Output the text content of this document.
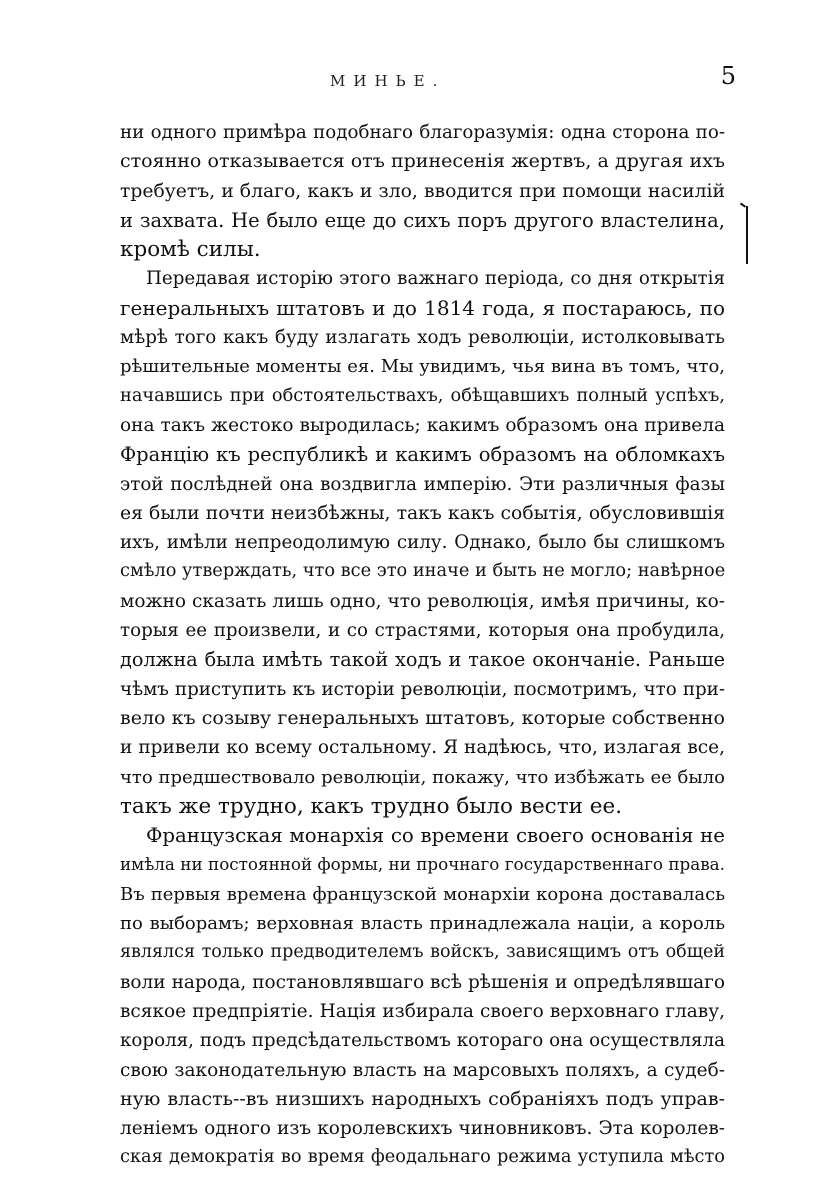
МИНЬЕ.	5
ни одного примѣра подобнаго благоразумія: одна сторона по-
стоянно отказывается отъ принесенія жертвъ, а другая ихъ
требуетъ, и благо, какъ и зло, вводится при помощи насилій
и захвата. Не было еще до сихъ поръ другого властелина,
кромѣ силы.
Передавая исторію этого важнаго періода, со дня открытія
генеральныхъ штатовъ и до 1814 года, я постараюсь, по
мѣрѣ того какъ буду излагать ходъ революціи, истолковывать
рѣшительные моменты ея. Мы увидимъ, чья вина въ томъ, что,
начавшись при обстоятельствахъ, обѣщавшихъ полный успѣхъ,
она такъ жестоко выродилась; какимъ образомъ она привела
Францію къ республикѣ и какимъ образомъ на обломкахъ
этой послѣдней она воздвигла имперію. Эти различныя фазы
ея были почти неизбѣжны, такъ какъ событія, обусловившія
ихъ, имѣли непреодолимую силу. Однако, было бы слишкомъ
смѣло утверждать, что все это иначе и быть не могло; навѣрное
можно сказать лишь одно, что революція, имѣя причины, ко-
торыя ее произвели, и со страстями, которыя она пробудила,
должна была имѣть такой ходъ и такое окончаніе. Раньше
чѣмъ приступить къ исторіи революціи, посмотримъ, что при-
вело къ созыву генеральныхъ штатовъ, которые собственно
и привели ко всему остальному. Я надѣюсь, что, излагая все,
что предшествовало революціи, покажу, что избѣжать ее было
такъ же трудно, какъ трудно было вести ее.
Французская монархія со времени своего основанія не
имѣла ни постоянной формы, ни прочнаго государственнаго права.
Въ первыя времена французской монархіи корона доставалась
по выборамъ; верховная власть принадлежала націи, а король
являлся только предводителемъ войскъ, зависящимъ отъ общей
воли народа, постановлявшаго всѣ рѣшенія и опредѣлявшаго
всякое предпріятіе. Нація избирала своего верховнаго главу,
короля, подъ предсѣдательствомъ котораго она осуществляла
свою законодательную власть на марсовыхъ поляхъ, а судеб-
ную власть--въ низшихъ народныхъ собраніяхъ подъ управ-
леніемъ одного изъ королевскихъ чиновниковъ. Эта королев-
ская демократія во время феодальнаго режима уступила мѣсто
